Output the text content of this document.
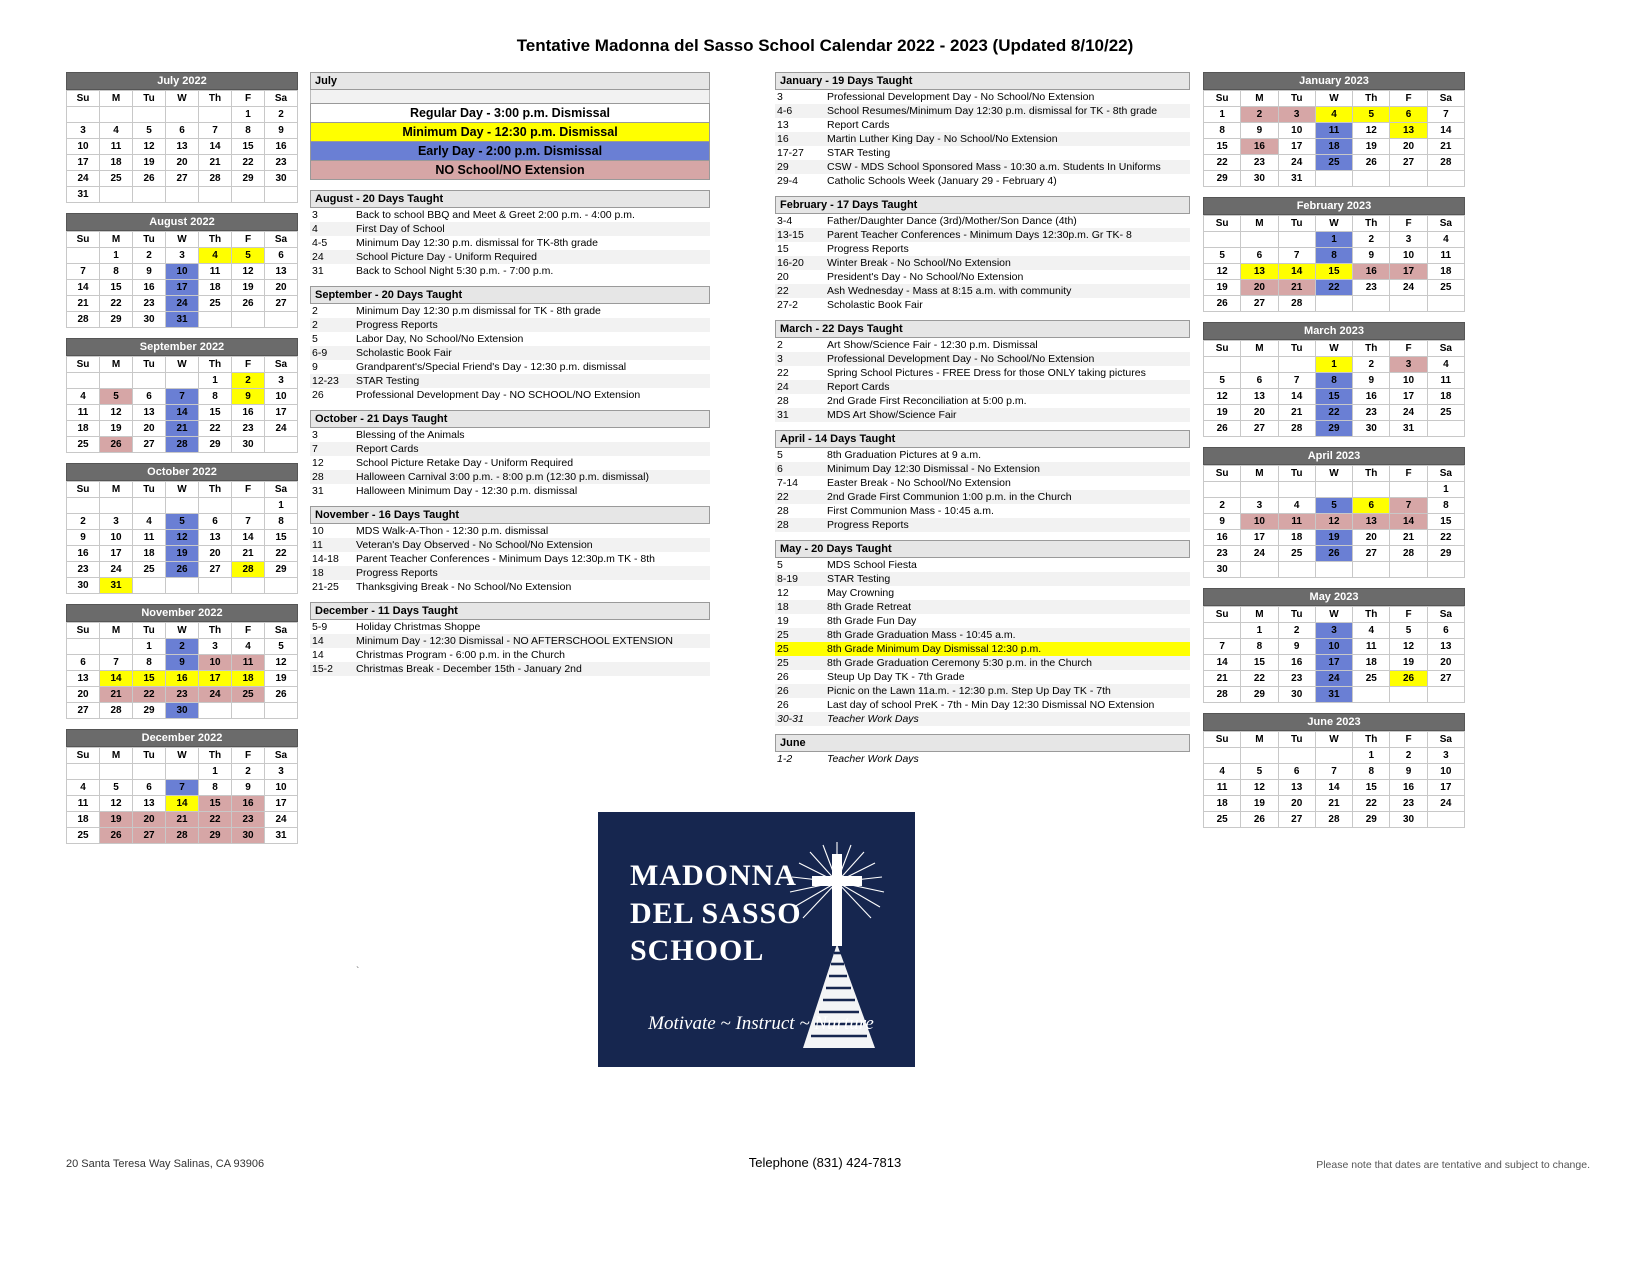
Tentative Madonna del Sasso School Calendar 2022 - 2023 (Updated 8/10/22)
July 2022
Su	M	Tu	W	Th	F	Sa
					1	2
3	4	5	6	7	8	9
10	11	12	13	14	15	16
17	18	19	20	21	22	23
24	25	26	27	28	29	30
31						
August 2022
Su	M	Tu	W	Th	F	Sa
	1	2	3	4	5	6
7	8	9	10	11	12	13
14	15	16	17	18	19	20
21	22	23	24	25	26	27
28	29	30	31			
September 2022
Su	M	Tu	W	Th	F	Sa
				1	2	3
4	5	6	7	8	9	10
11	12	13	14	15	16	17
18	19	20	21	22	23	24
25	26	27	28	29	30	
October 2022
Su	M	Tu	W	Th	F	Sa
						1
2	3	4	5	6	7	8
9	10	11	12	13	14	15
16	17	18	19	20	21	22
23	24	25	26	27	28	29
30	31					
November 2022
Su	M	Tu	W	Th	F	Sa
		1	2	3	4	5
6	7	8	9	10	11	12
13	14	15	16	17	18	19
20	21	22	23	24	25	26
27	28	29	30			
December 2022
Su	M	Tu	W	Th	F	Sa
				1	2	3
4	5	6	7	8	9	10
11	12	13	14	15	16	17
18	19	20	21	22	23	24
25	26	27	28	29	30	31
July
Regular Day - 3:00 p.m. Dismissal
Minimum Day - 12:30 p.m. Dismissal
Early Day - 2:00 p.m. Dismissal
NO School/NO Extension
August - 20 Days Taught
3	Back to school BBQ and Meet & Greet 2:00 p.m. - 4:00 p.m.
4	First Day of School
4-5	Minimum Day 12:30 p.m. dismissal for TK-8th grade
24	School Picture Day - Uniform Required
31	Back to School Night 5:30 p.m. - 7:00 p.m.
September - 20 Days Taught
2	Minimum Day 12:30 p.m dismissal for TK - 8th grade
2	Progress Reports
5	Labor Day, No School/No Extension
6-9	Scholastic Book Fair
9	Grandparent's/Special Friend's Day - 12:30 p.m. dismissal
12-23	STAR Testing
26	Professional Development Day - NO SCHOOL/NO Extension
October - 21 Days Taught
3	Blessing of the Animals
7	Report Cards
12	School Picture Retake Day - Uniform Required
28	Halloween Carnival 3:00 p.m. - 8:00 p.m (12:30 p.m. dismissal)
31	Halloween Minimum Day - 12:30 p.m. dismissal
November - 16 Days Taught
10	MDS Walk-A-Thon - 12:30 p.m. dismissal
11	Veteran's Day Observed - No School/No Extension
14-18	Parent Teacher Conferences - Minimum Days 12:30p.m TK - 8th
18	Progress Reports
21-25	Thanksgiving Break - No School/No Extension
December - 11 Days Taught
5-9	Holiday Christmas Shoppe
14	Minimum Day - 12:30 Dismissal - NO AFTERSCHOOL EXTENSION
14	Christmas Program - 6:00 p.m. in the Church
15-2	Christmas Break - December 15th - January 2nd
January - 19 Days Taught
3	Professional Development Day - No School/No Extension
4-6	School Resumes/Minimum Day 12:30 p.m. dismissal for TK - 8th grade
13	Report Cards
16	Martin Luther King Day - No School/No Extension
17-27	STAR Testing
29	CSW - MDS School Sponsored Mass - 10:30 a.m. Students In Uniforms
29-4	Catholic Schools Week (January 29 - February 4)
February - 17 Days Taught
3-4	Father/Daughter Dance (3rd)/Mother/Son Dance (4th)
13-15	Parent Teacher Conferences - Minimum Days 12:30p.m. Gr TK- 8
15	Progress Reports
16-20	Winter Break - No School/No Extension
20	President's Day - No School/No Extension
22	Ash Wednesday - Mass at 8:15 a.m. with community
27-2	Scholastic Book Fair
March - 22 Days Taught
2	Art Show/Science Fair - 12:30 p.m. Dismissal
3	Professional Development Day - No School/No Extension
22	Spring School Pictures - FREE Dress for those ONLY taking pictures
24	Report Cards
28	2nd Grade First Reconciliation at 5:00 p.m.
31	MDS Art Show/Science Fair
April - 14 Days Taught
5	8th Graduation Pictures at 9 a.m.
6	Minimum Day 12:30 Dismissal - No Extension
7-14	Easter Break - No School/No Extension
22	2nd Grade First Communion 1:00 p.m. in the Church
28	First Communion Mass - 10:45 a.m.
28	Progress Reports
May - 20 Days Taught
5	MDS School Fiesta
8-19	STAR Testing
12	May Crowning
18	8th Grade Retreat
19	8th Grade Fun Day
25	8th Grade Graduation Mass - 10:45 a.m.
25	8th Grade Minimum Day Dismissal 12:30 p.m.
25	8th Grade Graduation Ceremony 5:30 p.m. in the Church
26	Steup Up Day TK - 7th Grade
26	Picnic on the Lawn 11a.m. - 12:30 p.m. Step Up Day TK - 7th
26	Last day of school PreK - 7th - Min Day 12:30 Dismissal NO Extension
30-31	Teacher Work Days
June
1-2	Teacher Work Days
January 2023
Su	M	Tu	W	Th	F	Sa
1	2	3	4	5	6	7
8	9	10	11	12	13	14
15	16	17	18	19	20	21
22	23	24	25	26	27	28
29	30	31				
February 2023
Su	M	Tu	W	Th	F	Sa
			1	2	3	4
5	6	7	8	9	10	11
12	13	14	15	16	17	18
19	20	21	22	23	24	25
26	27	28				
March 2023
Su	M	Tu	W	Th	F	Sa
			1	2	3	4
5	6	7	8	9	10	11
12	13	14	15	16	17	18
19	20	21	22	23	24	25
26	27	28	29	30	31	
April 2023
Su	M	Tu	W	Th	F	Sa
						1
2	3	4	5	6	7	8
9	10	11	12	13	14	15
16	17	18	19	20	21	22
23	24	25	26	27	28	29
30						
May 2023
Su	M	Tu	W	Th	F	Sa
	1	2	3	4	5	6
7	8	9	10	11	12	13
14	15	16	17	18	19	20
21	22	23	24	25	26	27
28	29	30	31			
June 2023
Su	M	Tu	W	Th	F	Sa
				1	2	3
4	5	6	7	8	9	10
11	12	13	14	15	16	17
18	19	20	21	22	23	24
25	26	27	28	29	30	
`
MADONNA
DEL SASSO
SCHOOL
Motivate ~ Instruct ~ Nurture
20 Santa Teresa Way Salinas, CA 93906	Telephone (831) 424-7813	Please note that dates are tentative and subject to change.
